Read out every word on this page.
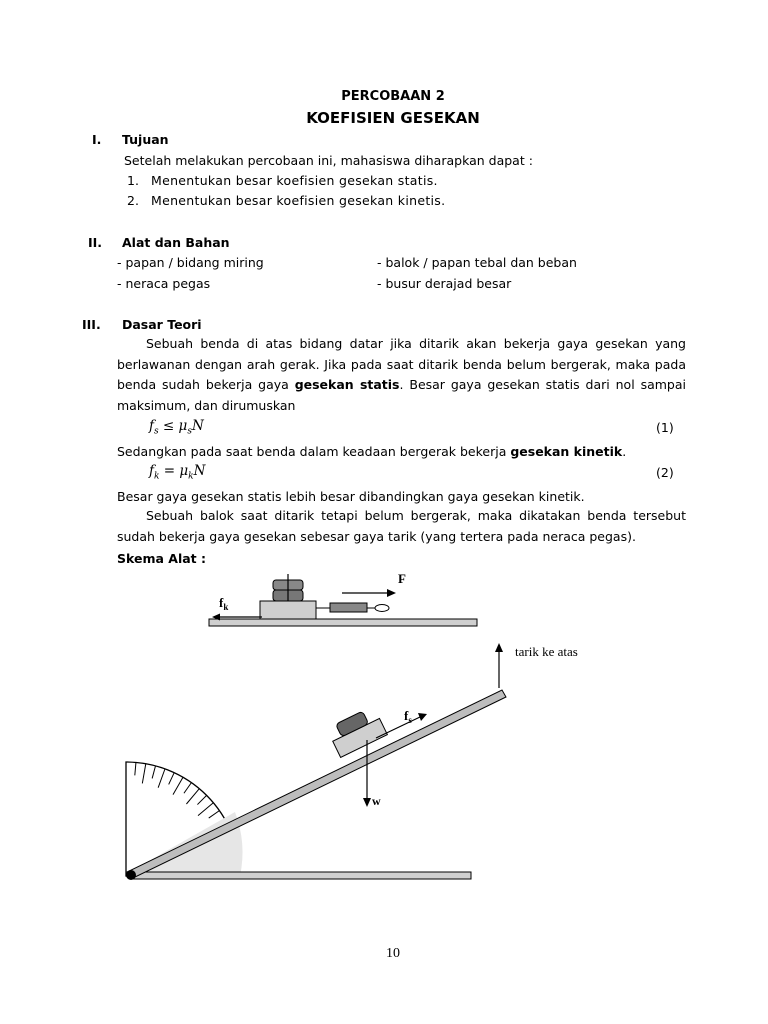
PERCOBAAN 2
KOEFISIEN GESEKAN
I. Tujuan
Setelah melakukan percobaan ini, mahasiswa diharapkan dapat :
1. Menentukan besar koefisien gesekan statis.
2. Menentukan besar koefisien gesekan kinetis.
II. Alat dan Bahan
- papan / bidang miring
- neraca pegas
- balok / papan tebal dan beban
- busur derajad besar
III. Dasar Teori
Sebuah benda di atas bidang datar jika ditarik akan bekerja gaya gesekan yang berlawanan dengan arah gerak. Jika pada saat ditarik benda belum bergerak, maka pada benda sudah bekerja gaya gesekan statis. Besar gaya gesekan statis dari nol sampai maksimum, dan dirumuskan
$f_s \le \mu_sN$	(1)
Sedangkan pada saat benda dalam keadaan bergerak bekerja gesekan kinetik.
$f_k = \mu_kN$	(2)
Besar gaya gesekan statis lebih besar dibandingkan gaya gesekan kinetik.
Sebuah balok saat ditarik tetapi belum bergerak, maka dikatakan benda tersebut sudah bekerja gaya gesekan sebesar gaya tarik (yang tertera pada neraca pegas).
Skema Alat :
F
$f_k$
$f_s$
w
tarik ke atas
10
